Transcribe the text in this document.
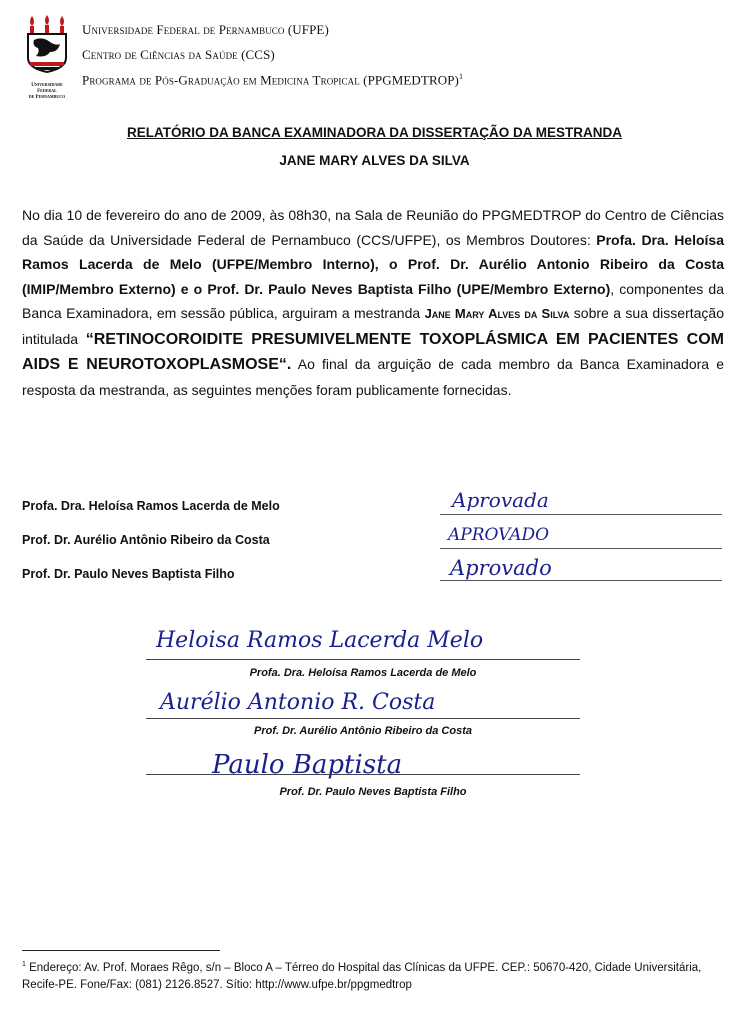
Universidade
Federal
de Pernambuco
Universidade Federal de Pernambuco (UFPE)
Centro de Ciências da Saúde (CCS)
Programa de Pós-Graduação em Medicina Tropical (PPGMEDTROP)$^1$
RELATÓRIO DA BANCA EXAMINADORA DA DISSERTAÇÃO DA MESTRANDA
JANE MARY ALVES DA SILVA
No dia 10 de fevereiro do ano de 2009, às 08h30, na Sala de Reunião do PPGMEDTROP do Centro de Ciências da Saúde da Universidade Federal de Pernambuco (CCS/UFPE), os Membros Doutores: Profa. Dra. Heloísa Ramos Lacerda de Melo (UFPE/Membro Interno), o Prof. Dr. Aurélio Antonio Ribeiro da Costa (IMIP/Membro Externo) e o Prof. Dr. Paulo Neves Baptista Filho (UPE/Membro Externo), componentes da Banca Examinadora, em sessão pública, arguiram a mestranda Jane Mary Alves da Silva sobre a sua dissertação intitulada “RETINOCOROIDITE PRESUMIVELMENTE TOXOPLÁSMICA EM PACIENTES COM AIDS E NEUROTOXOPLASMOSE“. Ao final da arguição de cada membro da Banca Examinadora e resposta da mestranda, as seguintes menções foram publicamente fornecidas.
Profa. Dra. Heloísa Ramos Lacerda de Melo	Aprovada
Prof. Dr. Aurélio Antônio Ribeiro da Costa	APROVADO
Prof. Dr. Paulo Neves Baptista Filho	Aprovado
Heloisa Ramos Lacerda Melo
Profa. Dra. Heloísa Ramos Lacerda de Melo
Aurélio Antonio R. Costa
Prof. Dr. Aurélio Antônio Ribeiro da Costa
Paulo Baptista
Prof. Dr. Paulo Neves Baptista Filho
$^1$ Endereço: Av. Prof. Moraes Rêgo, s/n – Bloco A – Térreo do Hospital das Clínicas da UFPE. CEP.: 50670-420, Cidade Universitária, Recife-PE. Fone/Fax: (081) 2126.8527. Sítio: http://www.ufpe.br/ppgmedtrop
